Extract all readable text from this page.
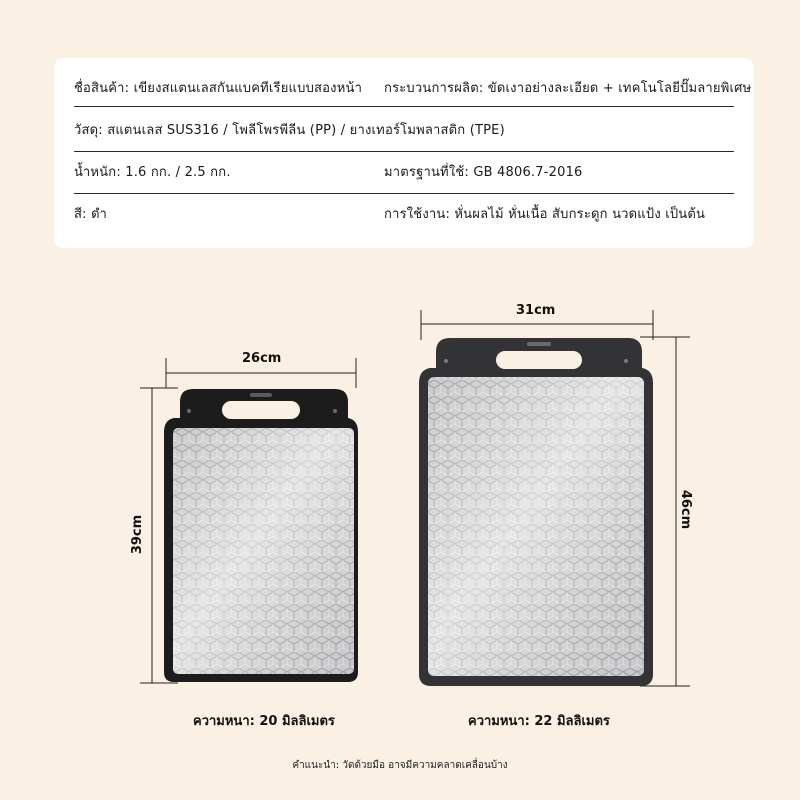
ชื่อสินค้า: เขียงสแตนเลสกันแบคทีเรียแบบสองหน้า กระบวนการผลิต: ขัดเงาอย่างละเอียด + เทคโนโลยีปั๊มลายพิเศษ
วัสดุ: สแตนเลส SUS316 / โพลีโพรพีลีน (PP) / ยางเทอร์โมพลาสติก (TPE)
น้ำหนัก: 1.6 กก. / 2.5 กก.	มาตรฐานที่ใช้: GB 4806.7-2016
สี: ดำ	การใช้งาน: หั่นผลไม้ หั่นเนื้อ สับกระดูก นวดแป้ง เป็นต้น
26cm
39cm
31cm
46cm
ความหนา: 20 มิลลิเมตร	ความหนา: 22 มิลลิเมตร
คำแนะนำ: วัดด้วยมือ อาจมีความคลาดเคลื่อนบ้าง
